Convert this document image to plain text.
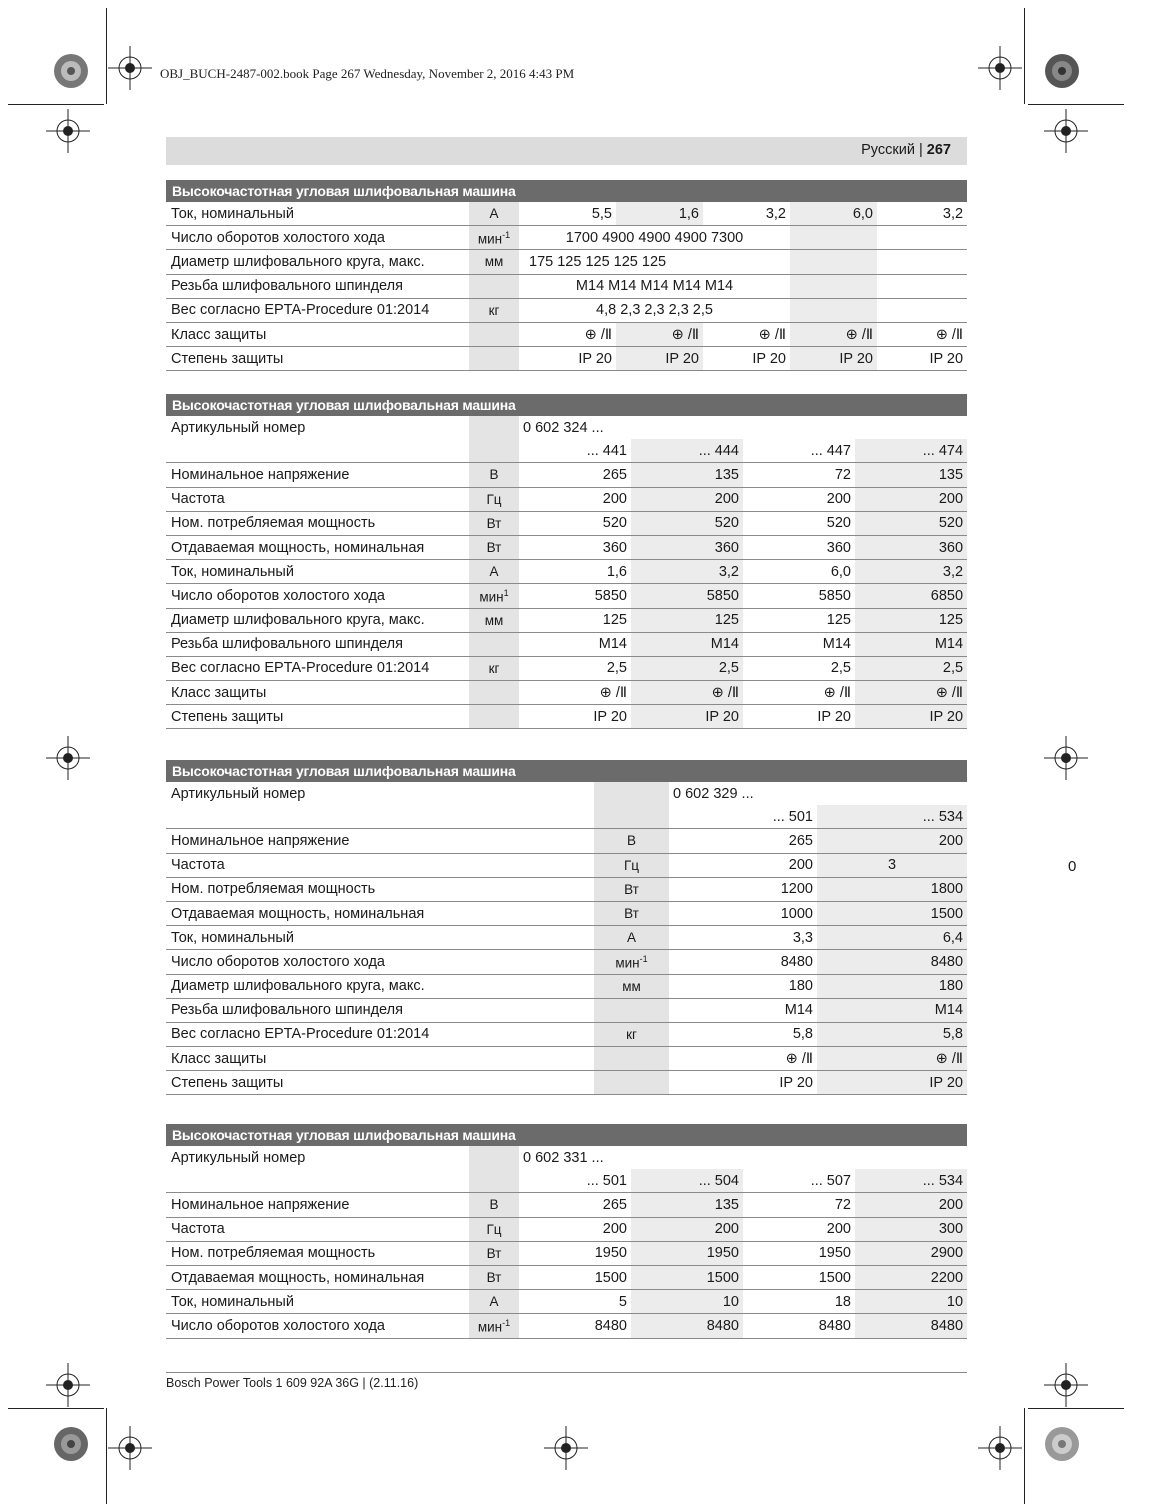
OBJ_BUCH-2487-002.book Page 267 Wednesday, November 2, 2016 4:43 PM
Русский | 267
Высокочастотная угловая шлифовальная машина						
Ток, номинальный	А	5,5	1,6	3,2	6,0	3,2
Число оборотов холостого хода	мин$^{-1}$	1700 4900 4900 4900 7300				
Диаметр шлифовального круга, макс.	мм	175 125 125 125 125				
Резьба шлифовального шпинделя		M14 M14 M14 M14 M14				
Вес согласно EPTA-Procedure 01:2014	кг	4,8 2,3 2,3 2,3 2,5				
Класс защиты		⊕ /Ⅱ	⊕ /Ⅱ	⊕ /Ⅱ	⊕ /Ⅱ	⊕ /Ⅱ
Степень защиты		IP 20	IP 20	IP 20	IP 20	IP 20
Высокочастотная угловая шлифовальная машина					
Артикульный номер		0 602 324 ...			
		... 441	... 444	... 447	... 474
Номинальное напряжение	В	265	135	72	135
Частота	Гц	200	200	200	200
Ном. потребляемая мощность	Вт	520	520	520	520
Отдаваемая мощность, номинальная	Вт	360	360	360	360
Ток, номинальный	А	1,6	3,2	6,0	3,2
Число оборотов холостого хода	мин$^1$	5850	5850	5850	6850
Диаметр шлифовального круга, макс.	мм	125	125	125	125
Резьба шлифовального шпинделя		M14	M14	M14	M14
Вес согласно EPTA-Procedure 01:2014	кг	2,5	2,5	2,5	2,5
Класс защиты		⊕ /Ⅱ	⊕ /Ⅱ	⊕ /Ⅱ	⊕ /Ⅱ
Степень защиты		IP 20	IP 20	IP 20	IP 20
Высокочастотная угловая шлифовальная машина			
Артикульный номер		0 602 329 ...	
		... 501	... 534
Номинальное напряжение	В	265	200
Частота	Гц	200	3
Ном. потребляемая мощность	Вт	1200	1800
Отдаваемая мощность, номинальная	Вт	1000	1500
Ток, номинальный	А	3,3	6,4
Число оборотов холостого хода	мин$^{-1}$	8480	8480
Диаметр шлифовального круга, макс.	мм	180	180
Резьба шлифовального шпинделя		M14	M14
Вес согласно EPTA-Procedure 01:2014	кг	5,8	5,8
Класс защиты		⊕ /Ⅱ	⊕ /Ⅱ
Степень защиты		IP 20	IP 20
Высокочастотная угловая шлифовальная машина					
Артикульный номер		0 602 331 ...			
		... 501	... 504	... 507	... 534
Номинальное напряжение	В	265	135	72	200
Частота	Гц	200	200	200	300
Ном. потребляемая мощность	Вт	1950	1950	1950	2900
Отдаваемая мощность, номинальная	Вт	1500	1500	1500	2200
Ток, номинальный	А	5	10	18	10
Число оборотов холостого хода	мин$^{-1}$	8480	8480	8480	8480
Bosch Power Tools 1 609 92A 36G | (2.11.16)
0
